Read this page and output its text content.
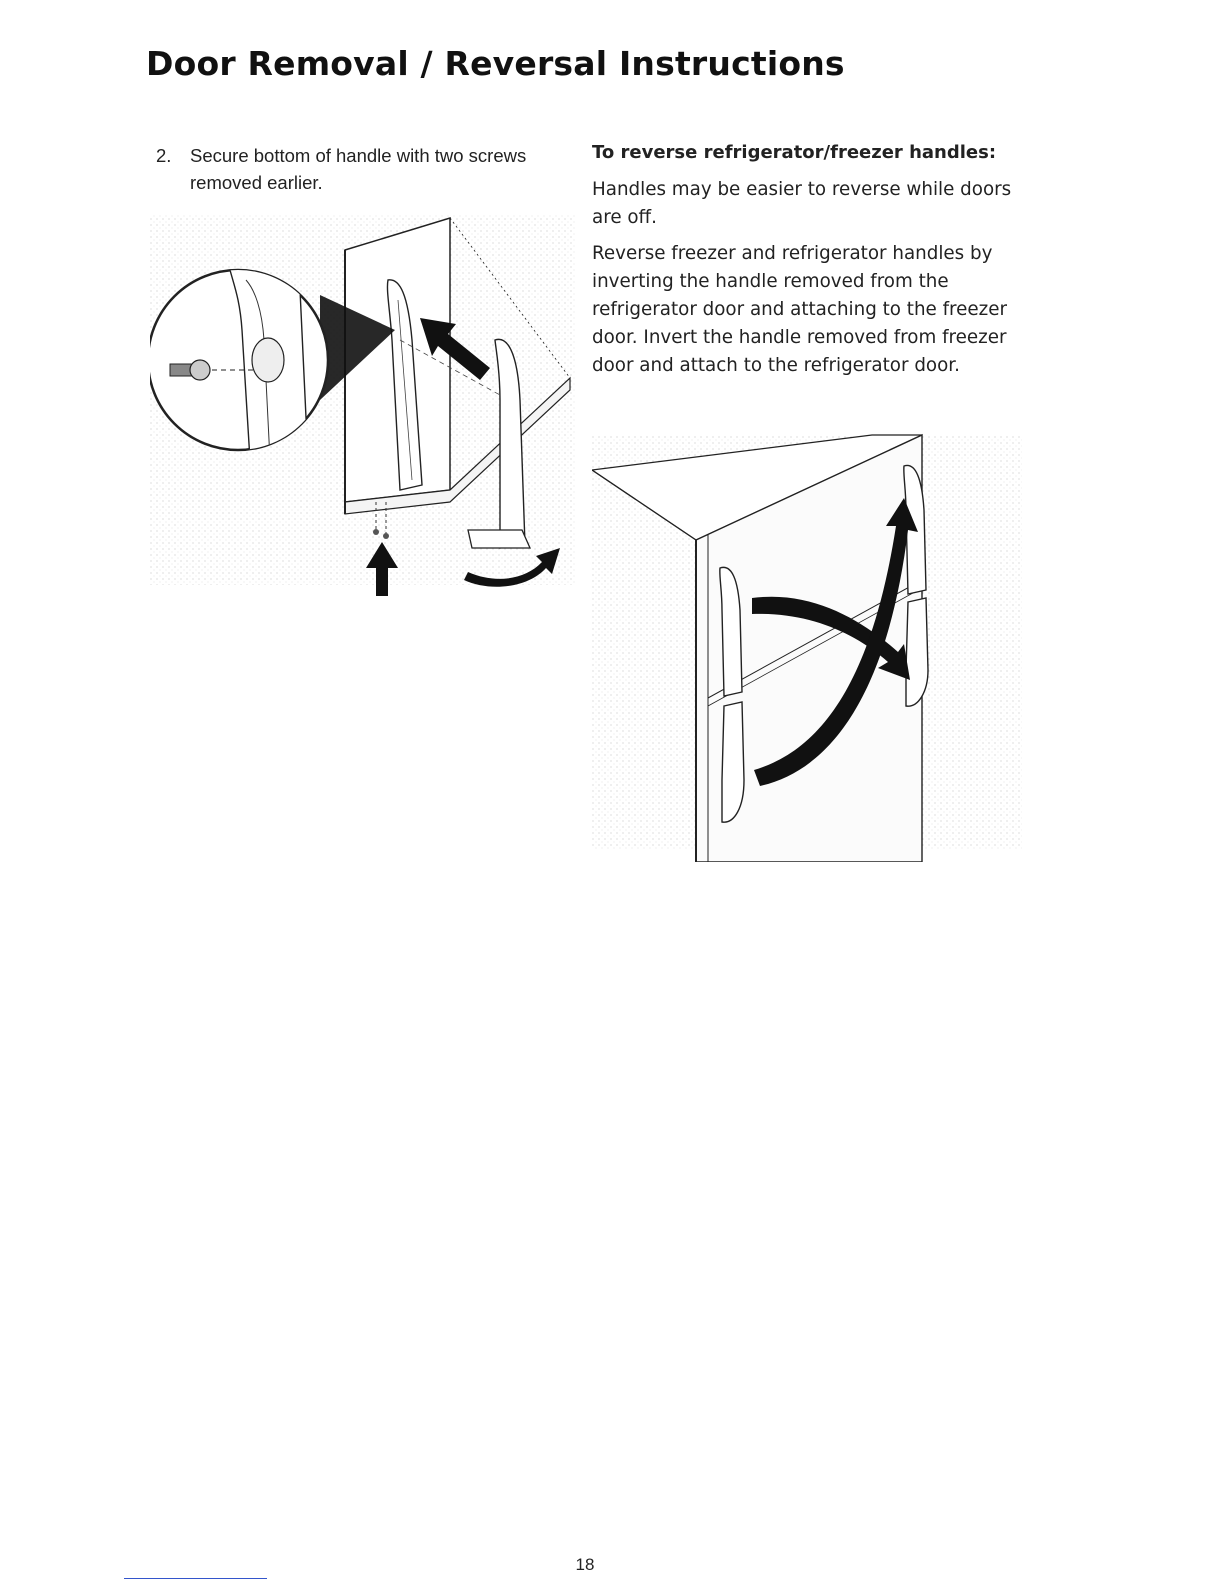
Door Removal / Reversal Instructions
2. Secure bottom of handle with two screws removed earlier.
To reverse refrigerator/freezer handles:

Handles may be easier to reverse while doors are off.

Reverse freezer and refrigerator handles by inverting the handle removed from the refrigerator door and attaching to the freezer door. Invert the handle removed from freezer door and attach to the refrigerator door.

18
